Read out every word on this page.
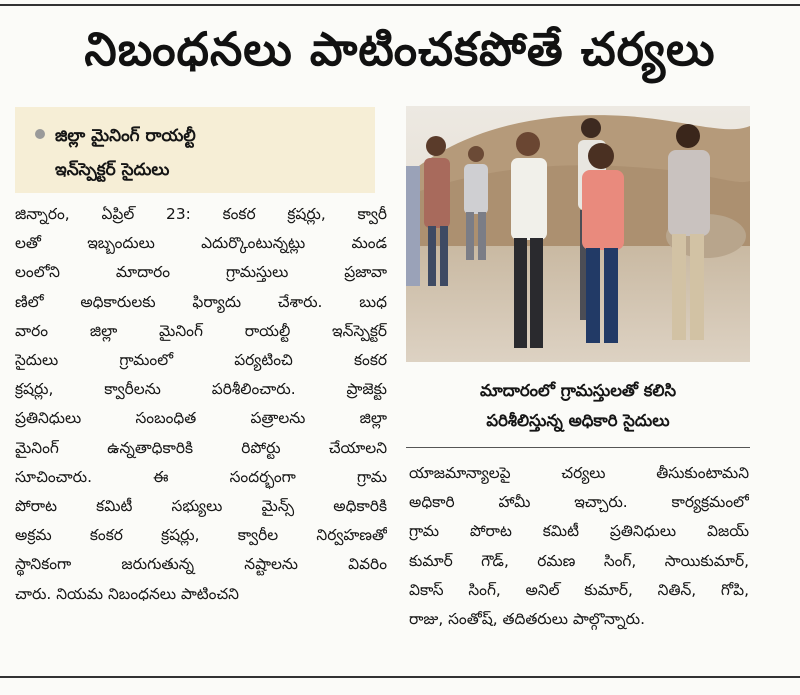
నిబంధనలు పాటించకపోతే చర్యలు
జిల్లా మైనింగ్ రాయల్టీ
ఇన్‌స్పెక్టర్ సైదులు
జిన్నారం, ఏప్రిల్ 23: కంకర క్రషర్లు, క్వారీ
లతో ఇబ్బందులు ఎదుర్కొంటున్నట్లు మండ
లంలోని మాదారం గ్రామస్తులు ప్రజావా
ణిలో అధికారులకు ఫిర్యాదు చేశారు. బుధ
వారం జిల్లా మైనింగ్ రాయల్టీ ఇన్‌స్పెక్టర్
సైదులు గ్రామంలో పర్యటించి కంకర
క్రషర్లు, క్వారీలను పరిశీలించారు. ప్రాజెక్టు
ప్రతినిధులు సంబంధిత పత్రాలను జిల్లా
మైనింగ్ ఉన్నతాధికారికి రిపోర్టు చేయాలని
సూచించారు. ఈ సందర్భంగా గ్రామ
పోరాట కమిటీ సభ్యులు మైన్స్ అధికారికి
అక్రమ కంకర క్రషర్లు, క్వారీల నిర్వహణతో
స్థానికంగా జరుగుతున్న నష్టాలను వివరిం
చారు. నియమ నిబంధనలు పాటించని
మాదారంలో గ్రామస్తులతో కలిసి
పరిశీలిస్తున్న అధికారి సైదులు
యాజమాన్యాలపై చర్యలు తీసుకుంటామని
అధికారి హామీ ఇచ్చారు. కార్యక్రమంలో
గ్రామ పోరాట కమిటీ ప్రతినిధులు విజయ్
కుమార్ గౌడ్, రమణ సింగ్, సాయికుమార్,
వికాస్ సింగ్, అనిల్ కుమార్, నితిన్, గోపి,
రాజు, సంతోష్, తదితరులు పాల్గొన్నారు.
